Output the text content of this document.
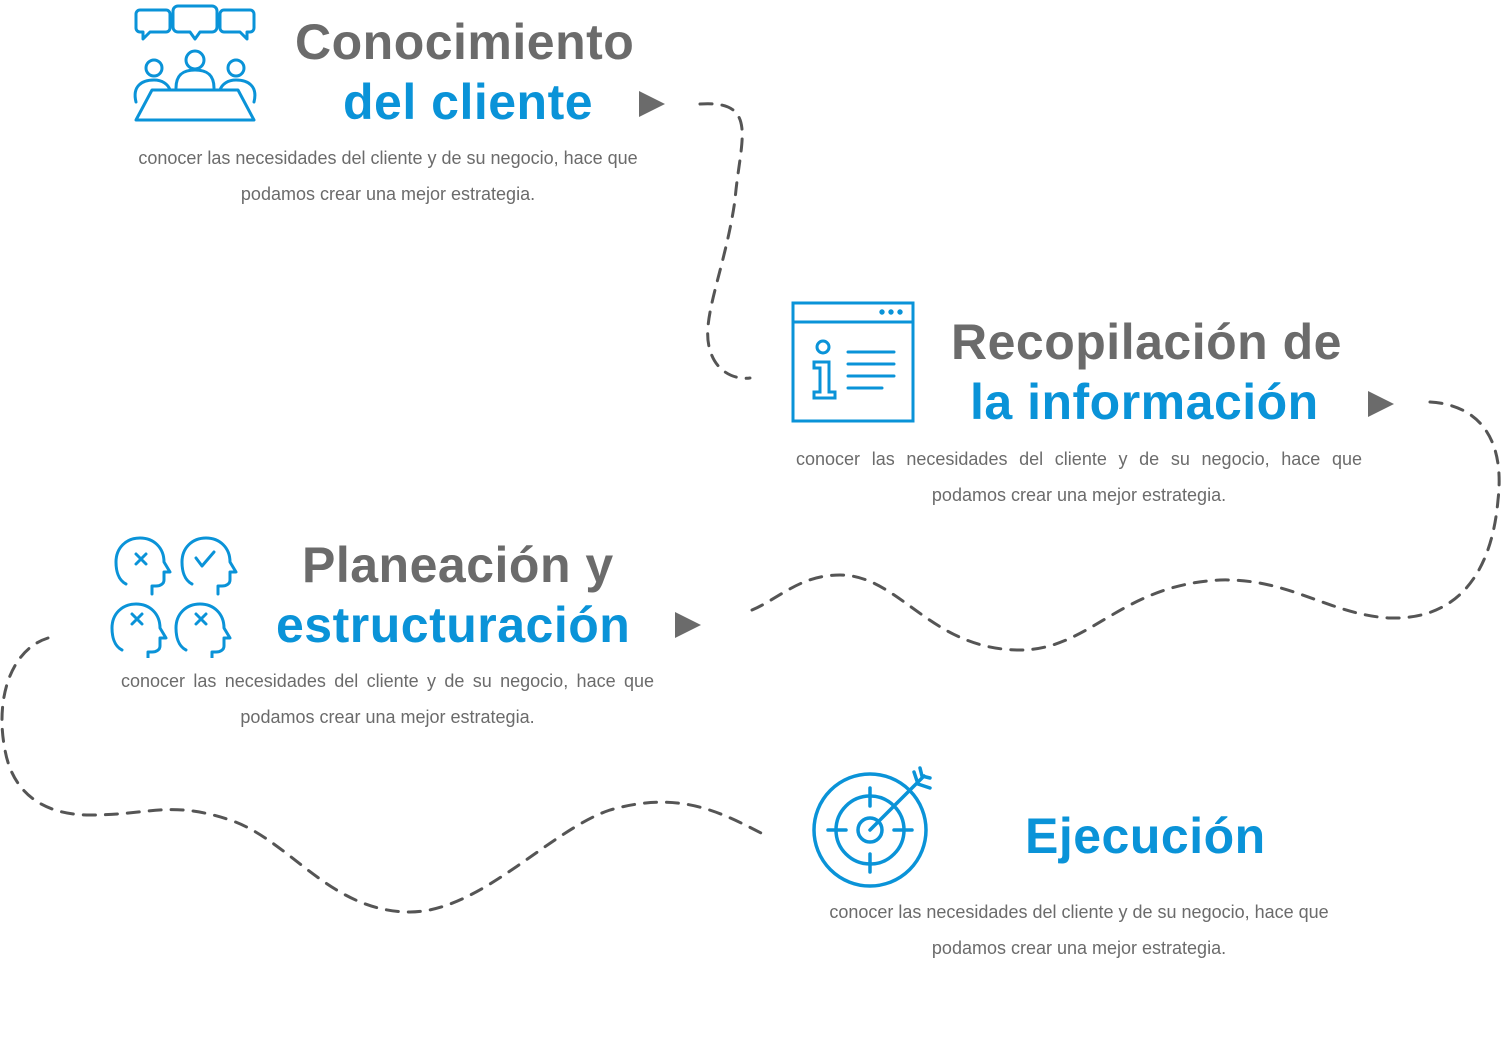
Conocimiento
del cliente
conocer las necesidades del cliente y de su negocio, hace que podamos crear una mejor estrategia.
Recopilación de
la información
conocer las necesidades del cliente y de su negocio, hace que podamos crear una mejor estrategia.
Planeación y
estructuración
conocer las necesidades del cliente y de su negocio, hace que podamos crear una mejor estrategia.
Ejecución
conocer las necesidades del cliente y de su negocio, hace que podamos crear una mejor estrategia.
